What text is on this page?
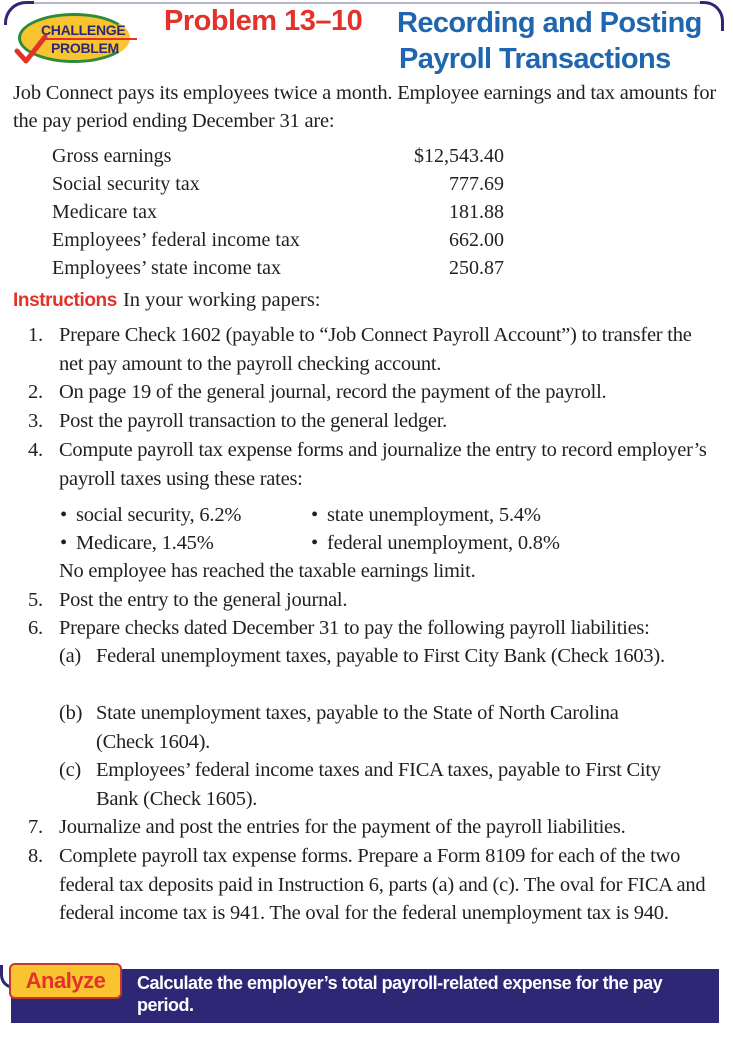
CHALLENGE
PROBLEM
Problem 13–10 Recording and Posting
Payroll Transactions

Job Connect pays its employees twice a month. Employee earnings and tax amounts for the pay period ending December 31 are:

Gross earnings	$12,543.40
Social security tax	777.69
Medicare tax	181.88
Employees’ federal income tax	662.00
Employees’ state income tax	250.87
Instructions In your working papers:
1. Prepare Check 1602 (payable to “Job Connect Payroll Account”) to transfer the net pay amount to the payroll checking account.
2. On page 19 of the general journal, record the payment of the payroll.
3. Post the payroll transaction to the general ledger.
4. Compute payroll tax expense forms and journalize the entry to record employer’s payroll taxes using these rates:
• social security, 6.2%	• state unemployment, 5.4%
• Medicare, 1.45%	• federal unemployment, 0.8%
No employee has reached the taxable earnings limit.
5. Post the entry to the general journal.
6. Prepare checks dated December 31 to pay the following payroll liabilities:
(a) Federal unemployment taxes, payable to First City Bank (Check 1603).
(b) State unemployment taxes, payable to the State of North Carolina (Check 1604).
(c) Employees’ federal income taxes and FICA taxes, payable to First City Bank (Check 1605).
7. Journalize and post the entries for the payment of the payroll liabilities.
8. Complete payroll tax expense forms. Prepare a Form 8109 for each of the two federal tax deposits paid in Instruction 6, parts (a) and (c). The oval for FICA and federal income tax is 941. The oval for the federal unemployment tax is 940.
Analyze	Calculate the employer’s total payroll-related expense for the pay period.
